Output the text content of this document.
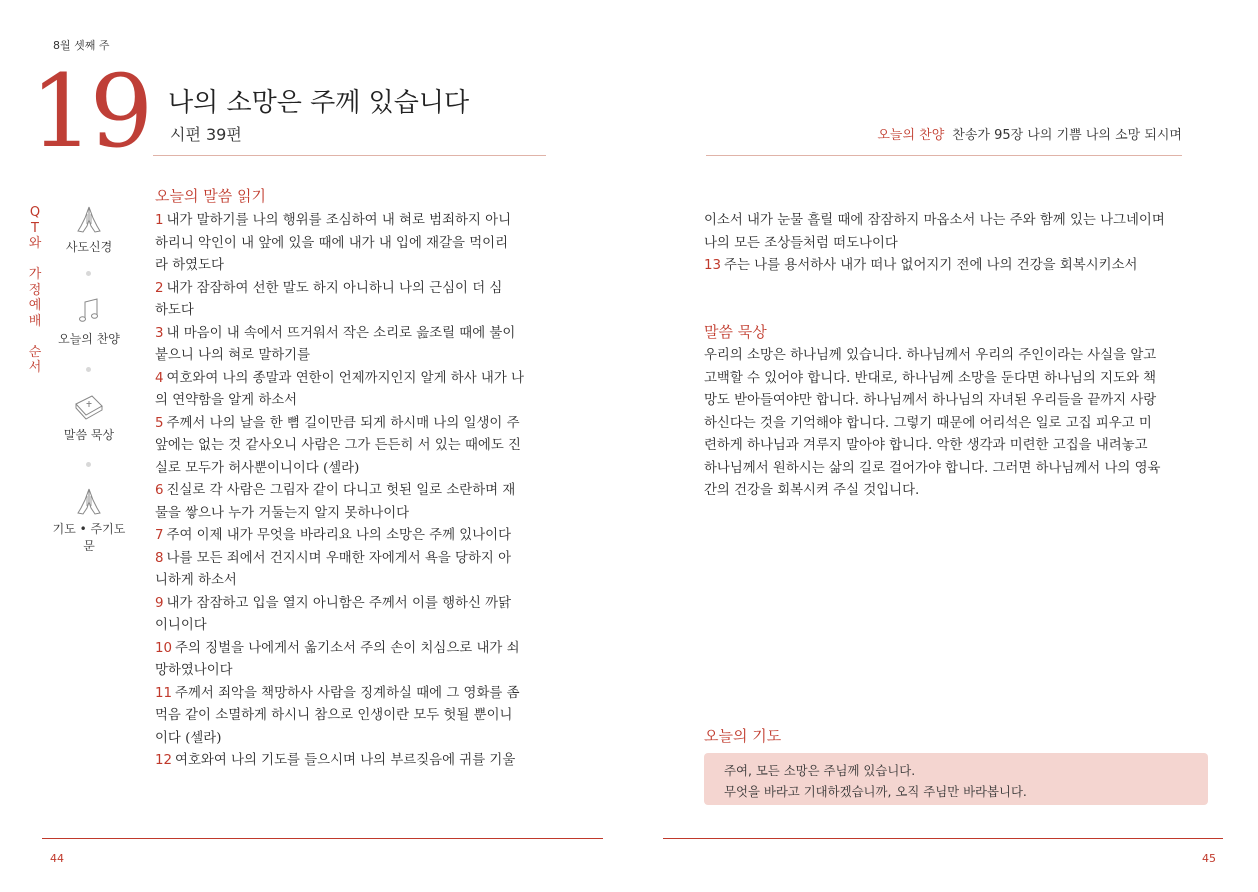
8월 셋째 주
19 나의 소망은 주께 있습니다
시편 39편	오늘의 찬양 찬송가 95장 나의 기쁨 나의 소망 되시며
Q
T
와
가
정
예
배
순
서
사도신경
오늘의 찬양
말씀 묵상
기도 • 주기도문
오늘의 말씀 읽기
1 내가 말하기를 나의 행위를 조심하여 내 혀로 범죄하지 아니
하리니 악인이 내 앞에 있을 때에 내가 내 입에 재갈을 먹이리
라 하였도다
2 내가 잠잠하여 선한 말도 하지 아니하니 나의 근심이 더 심
하도다
3 내 마음이 내 속에서 뜨거워서 작은 소리로 읊조릴 때에 불이
붙으니 나의 혀로 말하기를
4 여호와여 나의 종말과 연한이 언제까지인지 알게 하사 내가 나
의 연약함을 알게 하소서
5 주께서 나의 날을 한 뼘 길이만큼 되게 하시매 나의 일생이 주
앞에는 없는 것 같사오니 사람은 그가 든든히 서 있는 때에도 진
실로 모두가 허사뿐이니이다 (셀라)
6 진실로 각 사람은 그림자 같이 다니고 헛된 일로 소란하며 재
물을 쌓으나 누가 거둘는지 알지 못하나이다
7 주여 이제 내가 무엇을 바라리요 나의 소망은 주께 있나이다
8 나를 모든 죄에서 건지시며 우매한 자에게서 욕을 당하지 아
니하게 하소서
9 내가 잠잠하고 입을 열지 아니함은 주께서 이를 행하신 까닭
이니이다
10 주의 징벌을 나에게서 옮기소서 주의 손이 치심으로 내가 쇠
망하였나이다
11 주께서 죄악을 책망하사 사람을 징계하실 때에 그 영화를 좀
먹음 같이 소멸하게 하시니 참으로 인생이란 모두 헛될 뿐이니
이다 (셀라)
12 여호와여 나의 기도를 들으시며 나의 부르짖음에 귀를 기울
이소서 내가 눈물 흘릴 때에 잠잠하지 마옵소서 나는 주와 함께 있는 나그네이며
나의 모든 조상들처럼 떠도나이다
13 주는 나를 용서하사 내가 떠나 없어지기 전에 나의 건강을 회복시키소서
말씀 묵상
우리의 소망은 하나님께 있습니다. 하나님께서 우리의 주인이라는 사실을 알고
고백할 수 있어야 합니다. 반대로, 하나님께 소망을 둔다면 하나님의 지도와 책
망도 받아들여야만 합니다. 하나님께서 하나님의 자녀된 우리들을 끝까지 사랑
하신다는 것을 기억해야 합니다. 그렇기 때문에 어리석은 일로 고집 피우고 미
련하게 하나님과 겨루지 말아야 합니다. 악한 생각과 미련한 고집을 내려놓고
하나님께서 원하시는 삶의 길로 걸어가야 합니다. 그러면 하나님께서 나의 영육
간의 건강을 회복시켜 주실 것입니다.
오늘의 기도
주여, 모든 소망은 주님께 있습니다.
무엇을 바라고 기대하겠습니까, 오직 주님만 바라봅니다.
44	45
